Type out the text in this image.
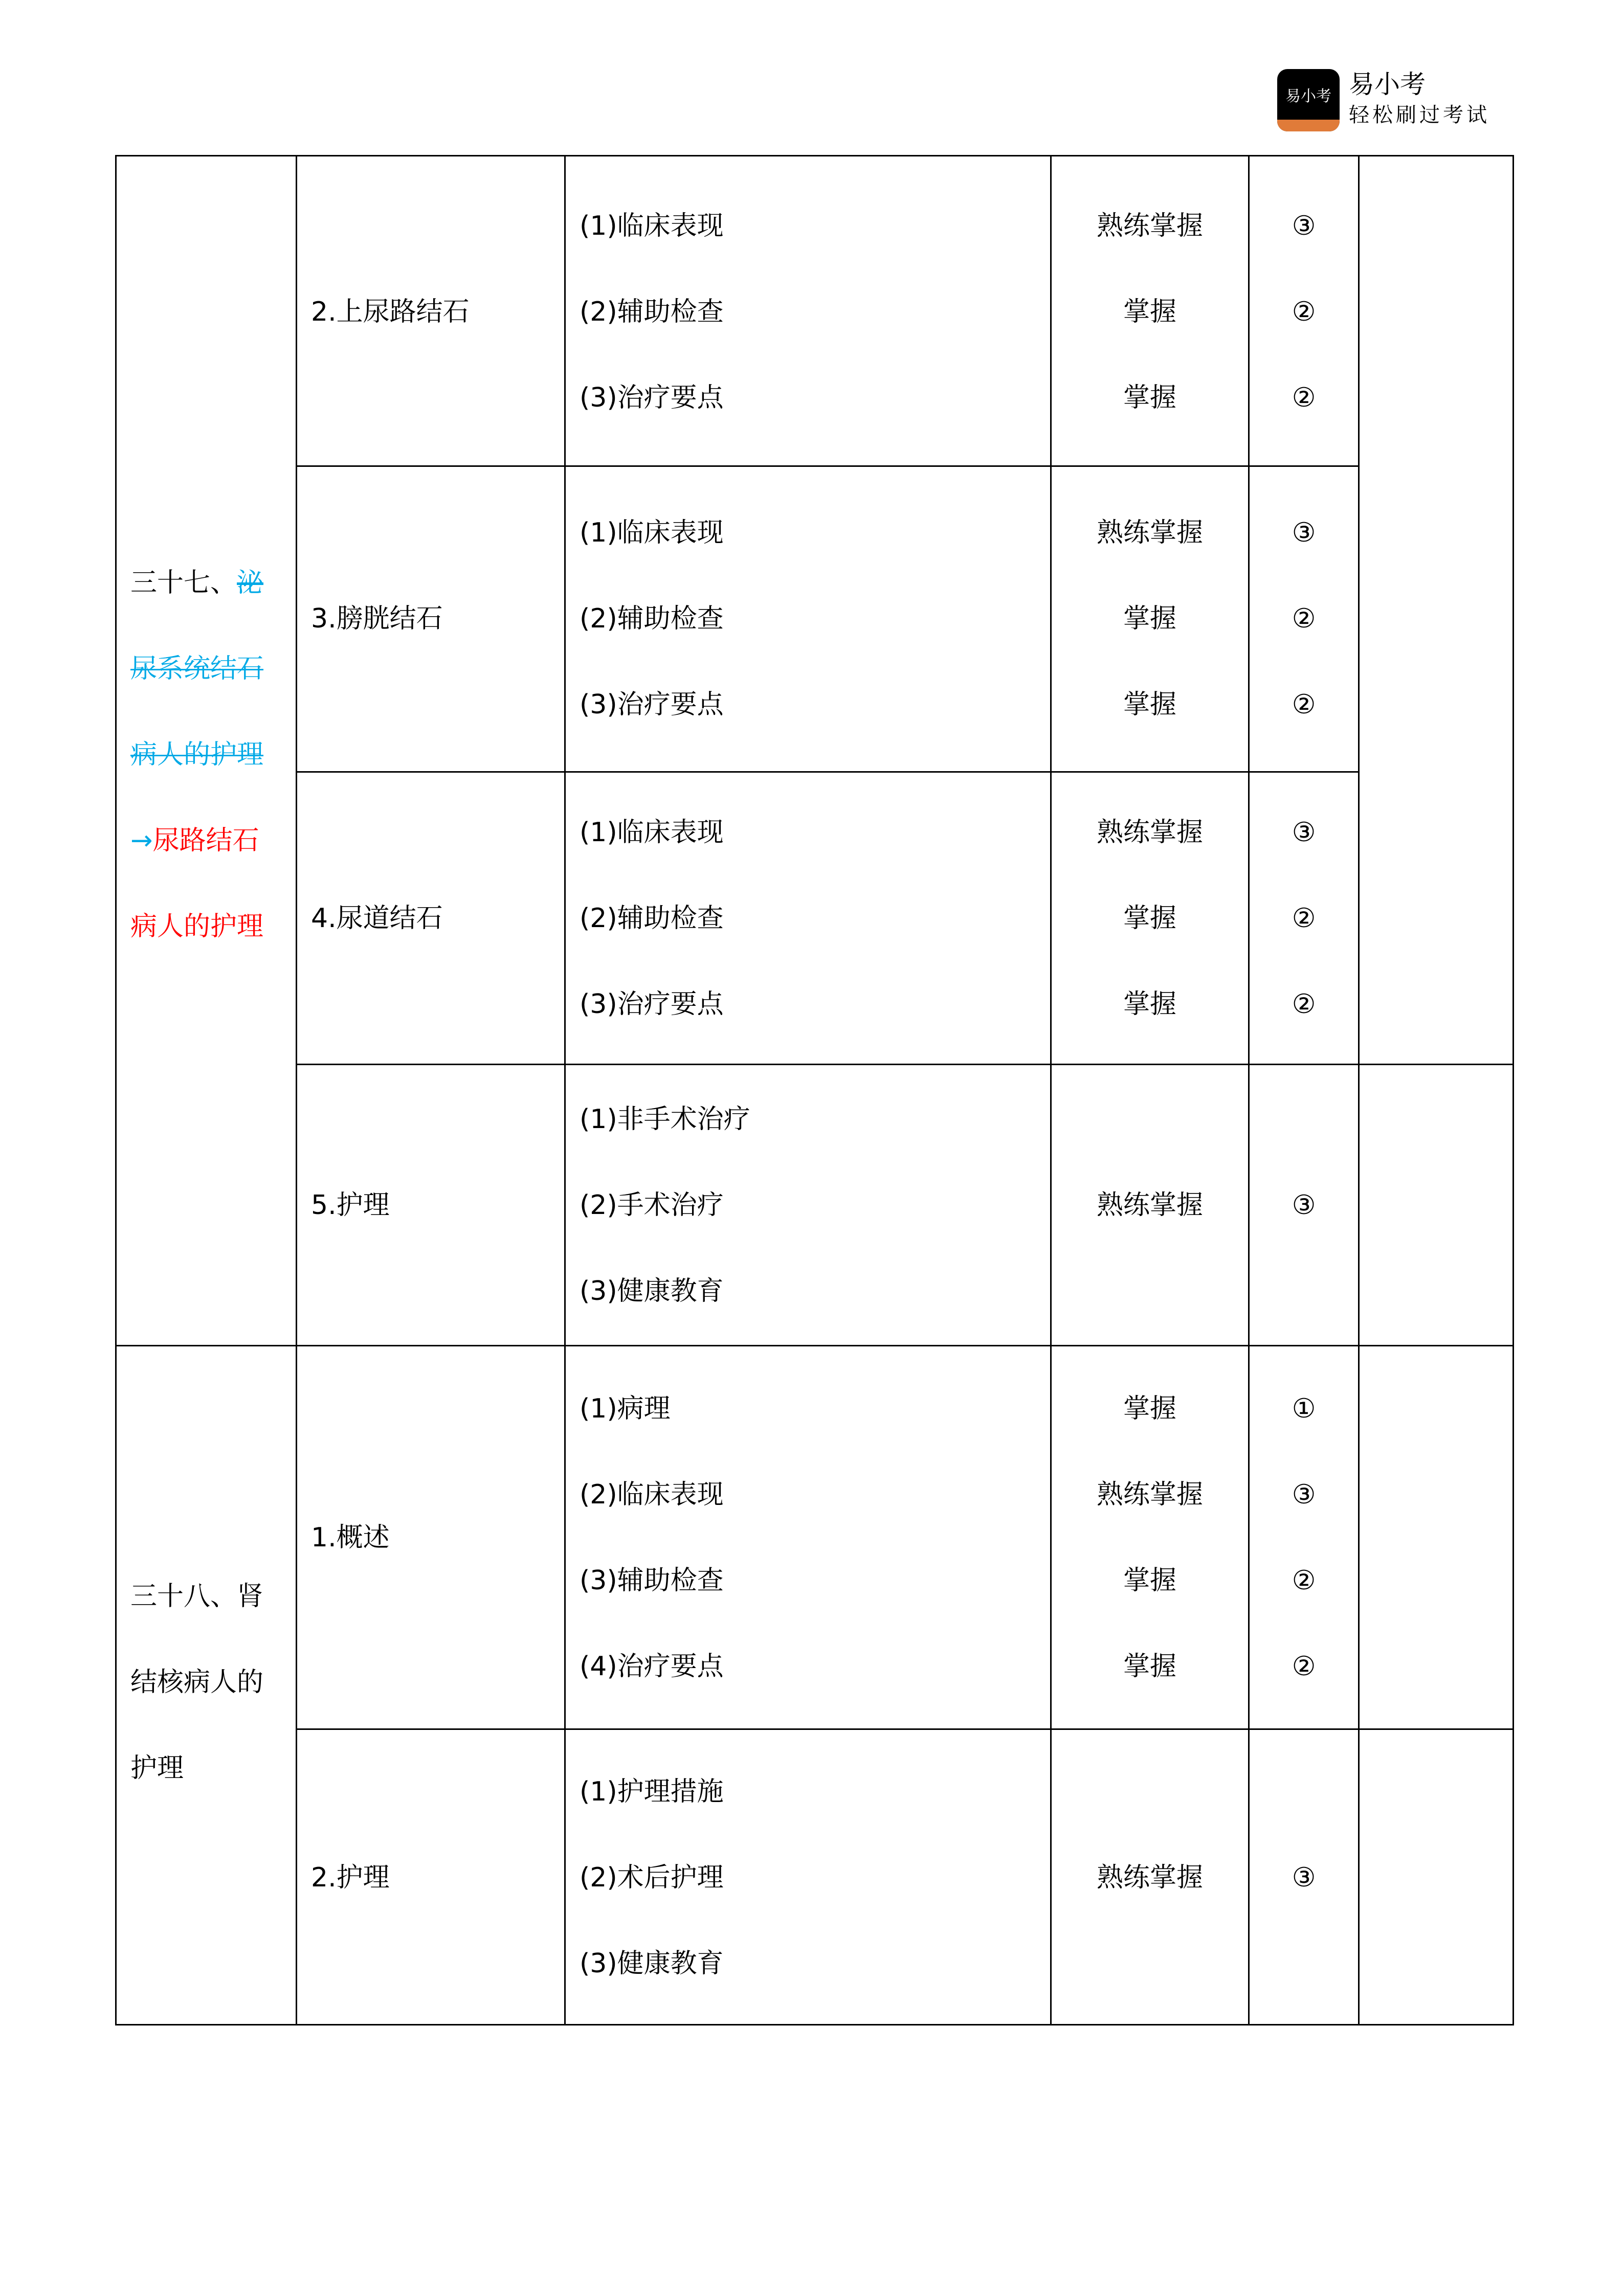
易小考 易小考
轻松刷过考试
三十七、泌
尿系统结石
病人的护理
→尿路结石
病人的护理
2.上尿路结石
3.膀胱结石
4.尿道结石
5.护理
(1)临床表现
(2)辅助检查
(3)治疗要点
(1)临床表现
(2)辅助检查
(3)治疗要点
(1)临床表现
(2)辅助检查
(3)治疗要点
(1)非手术治疗
(2)手术治疗
(3)健康教育
熟练掌握
掌握
掌握
熟练掌握
掌握
掌握
熟练掌握
掌握
掌握
熟练掌握
③
②
②
③
②
②
③
②
②
③
三十八、肾
结核病人的
护理
1.概述
2.护理
(1)病理
(2)临床表现
(3)辅助检查
(4)治疗要点
(1)护理措施
(2)术后护理
(3)健康教育
掌握
熟练掌握
掌握
掌握
熟练掌握
①
③
②
②
③
